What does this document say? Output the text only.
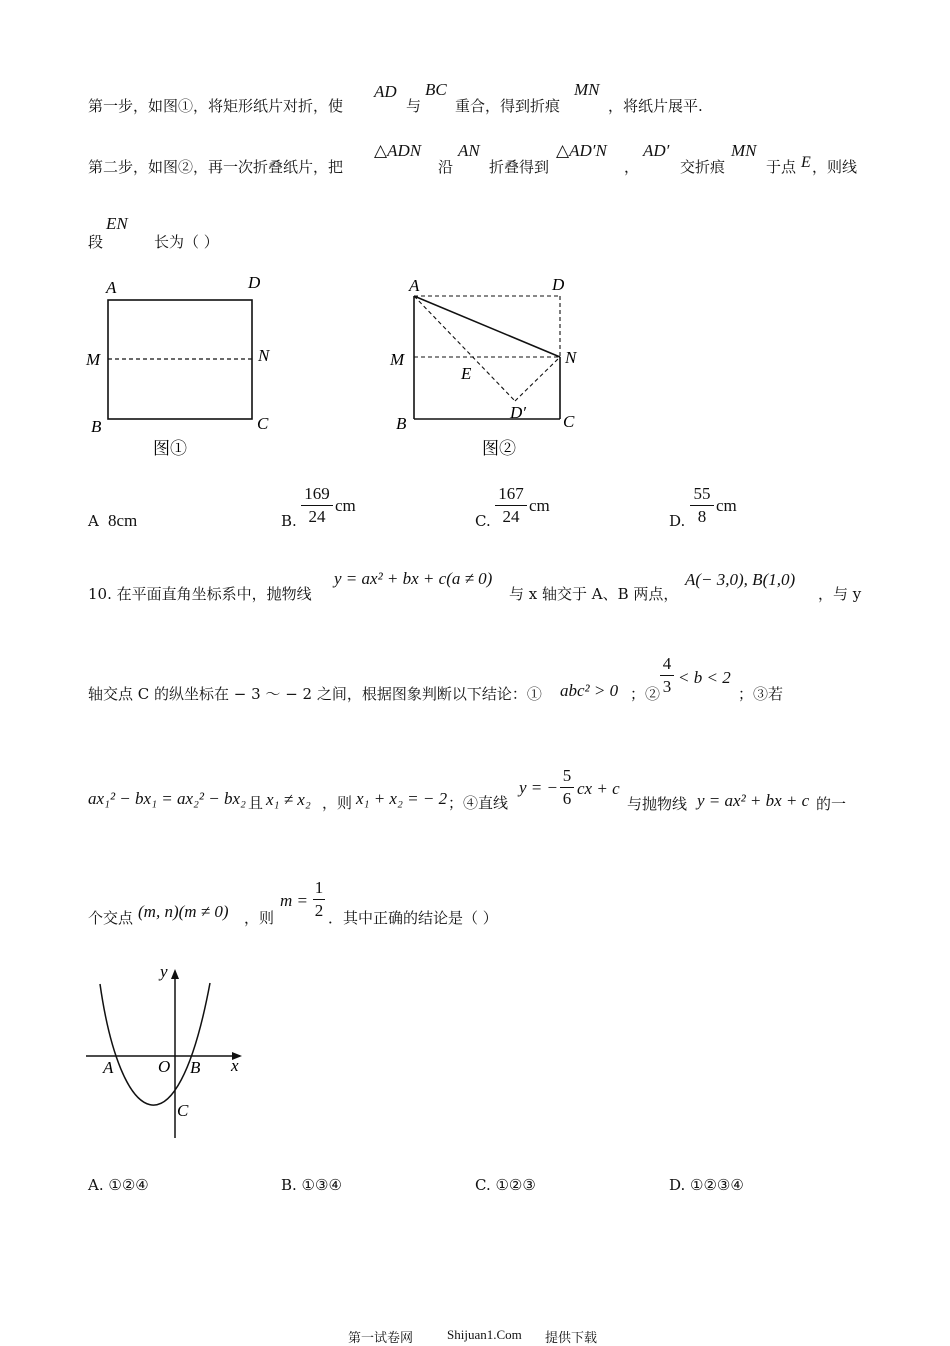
第一步，如图①，将矩形纸片对折，使
AD
与
BC
重合，得到折痕
MN
，将纸片展平.
第二步，如图②，再一次折叠纸片，把
△ADN
沿
AN
折叠得到
△AD′N
，
AD′
交折痕
MN
于点 E ，则线
段
EN
长为（ ）
A	D
M	N
B	C
图①
A	D
M	N
E
D′
B	C
图②
A 8cm	B.
169
24
cm
C.
167
24
cm
D.
55
8
cm
10. 在平面直角坐标系中，抛物线
y = ax² + bx + c(a ≠ 0)
与 x 轴交于 A、B 两点，
A(− 3,0), B(1,0)
，与 y
轴交点 C 的纵坐标在 − 3 ～ − 2 之间，根据图象判断以下结论：① abc² > 0 ；②
4
3 < b < 2
；③若
ax₁² − bx₁ = ax₂² − bx₂ 且 x₁ ≠ x₂ ，则 x₁ + x₂ = − 2 ；④直线
y = −
5
6
cx + c
与抛物线 y = ax² + bx + c 的一
个交点 (m, n)(m ≠ 0) ，则
m =
1
2 ．其中正确的结论是（ ）
y
x
A	O B
C
A. ①②④	B. ①③④	C. ①②③	D. ①②③④
第一试卷网	Shijuan1.Com 提供下载
